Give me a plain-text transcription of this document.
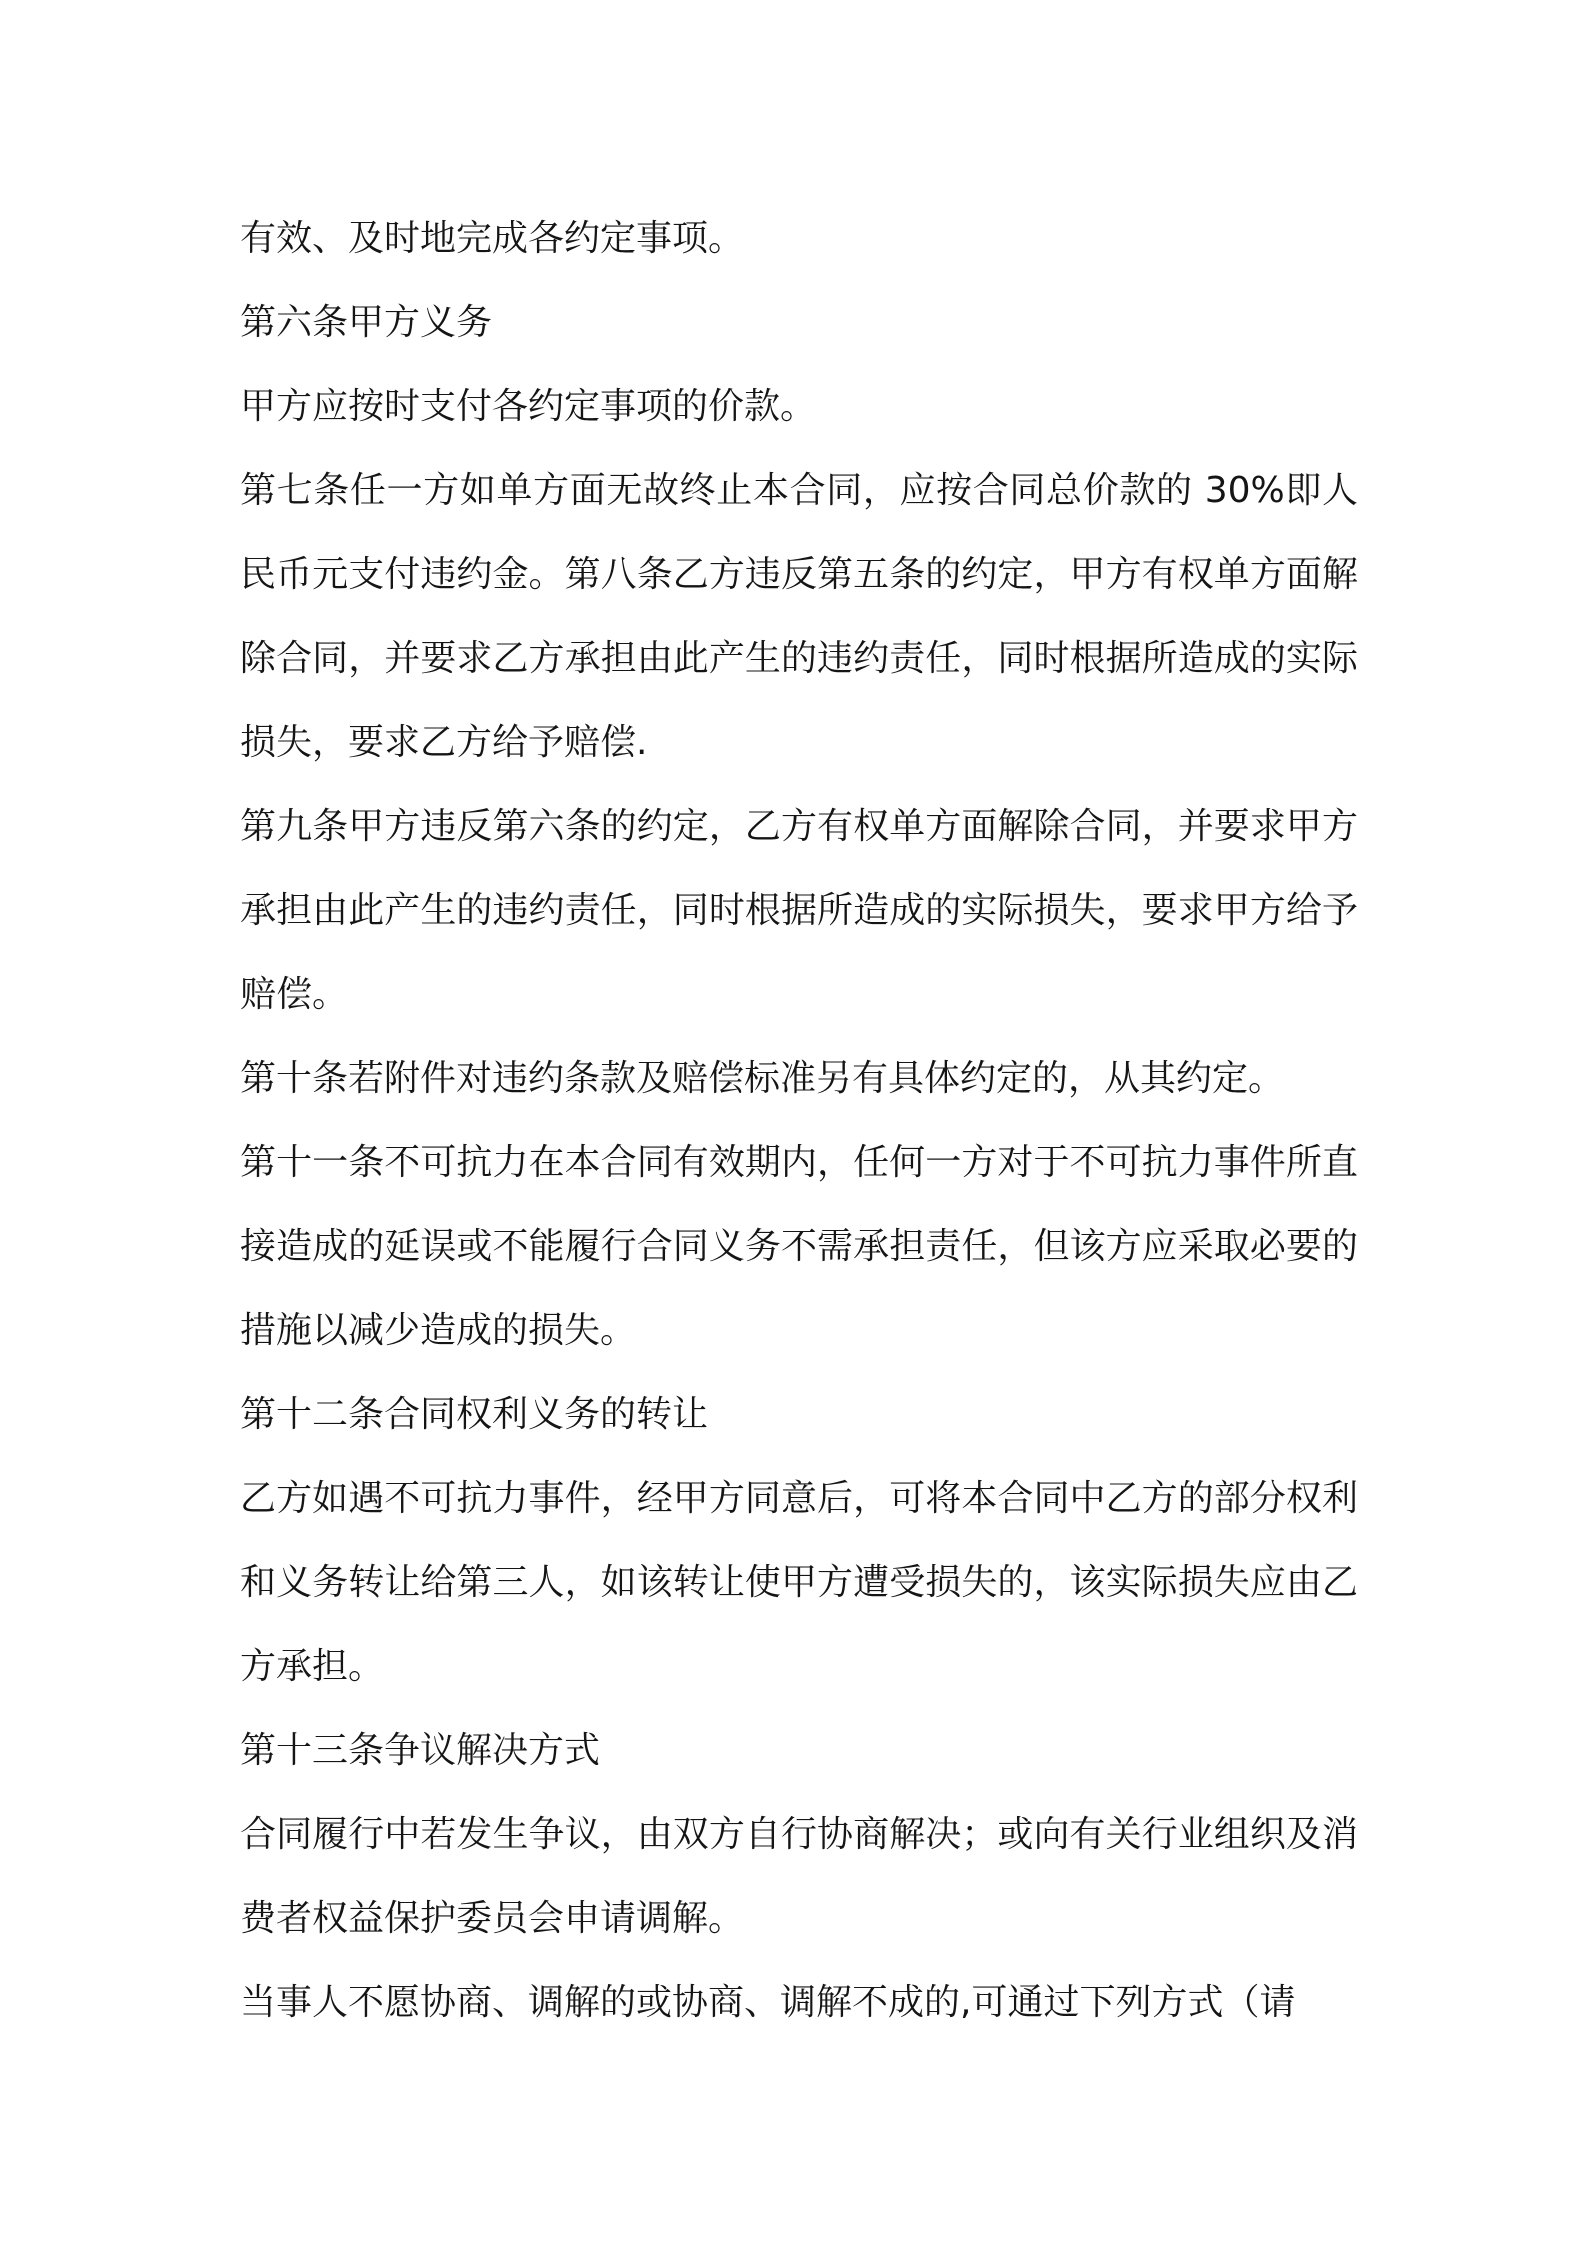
有效、及时地完成各约定事项。

第六条甲方义务

甲方应按时支付各约定事项的价款。

第七条任一方如单方面无故终止本合同，应按合同总价款的 30%即人民币元支付违约金。第八条乙方违反第五条的约定，甲方有权单方面解除合同，并要求乙方承担由此产生的违约责任，同时根据所造成的实际损失，要求乙方给予赔偿.

第九条甲方违反第六条的约定，乙方有权单方面解除合同，并要求甲方承担由此产生的违约责任，同时根据所造成的实际损失，要求甲方给予赔偿。

第十条若附件对违约条款及赔偿标准另有具体约定的，从其约定。

第十一条不可抗力在本合同有效期内，任何一方对于不可抗力事件所直接造成的延误或不能履行合同义务不需承担责任，但该方应采取必要的措施以减少造成的损失。

第十二条合同权利义务的转让

乙方如遇不可抗力事件，经甲方同意后，可将本合同中乙方的部分权利和义务转让给第三人，如该转让使甲方遭受损失的，该实际损失应由乙方承担。

第十三条争议解决方式

合同履行中若发生争议，由双方自行协商解决；或向有关行业组织及消费者权益保护委员会申请调解。

当事人不愿协商、调解的或协商、调解不成的,可通过下列方式（请
